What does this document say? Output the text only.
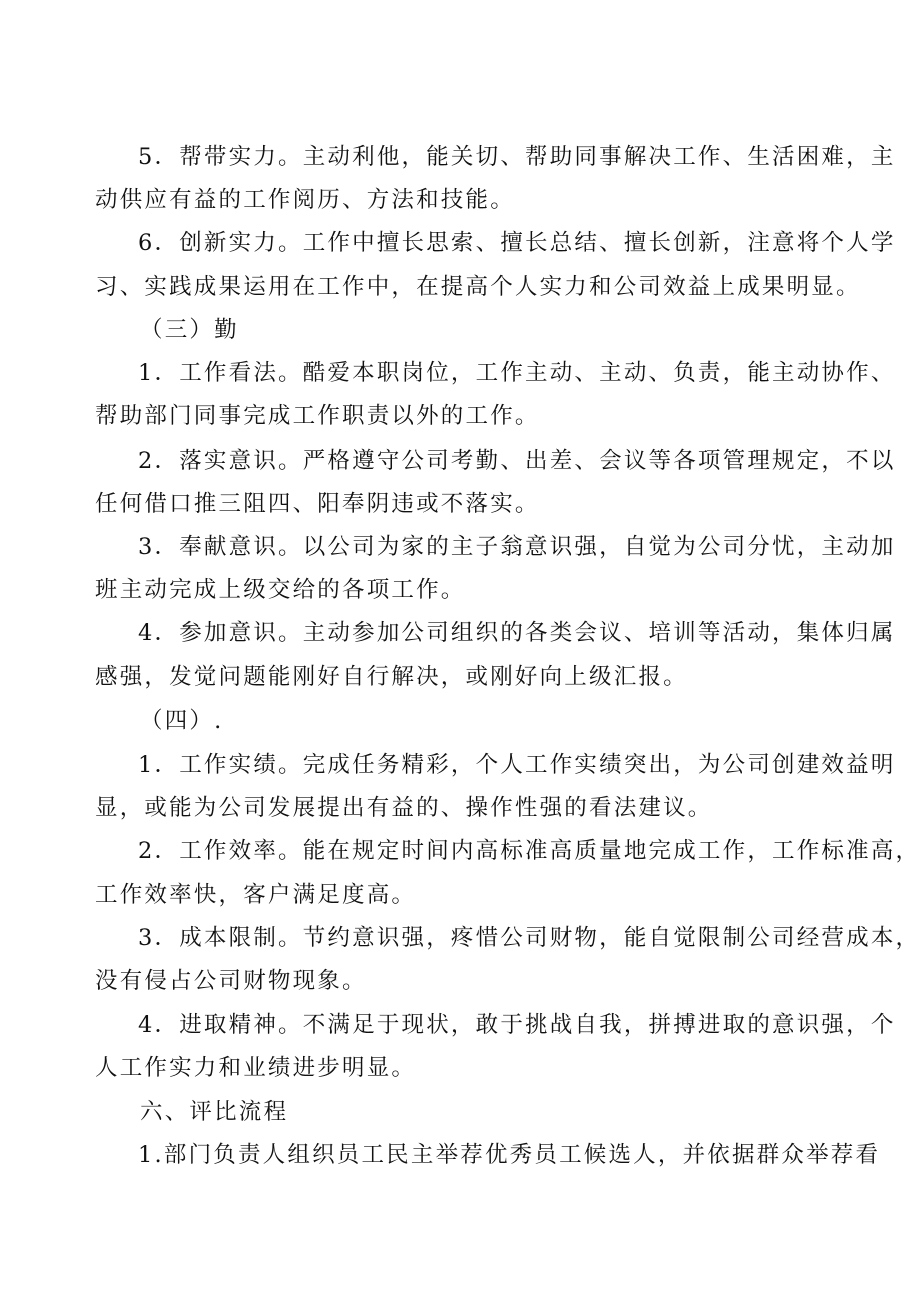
5．帮带实力。主动利他，能关切、帮助同事解决工作、生活困难，主
动供应有益的工作阅历、方法和技能。
6．创新实力。工作中擅长思索、擅长总结、擅长创新，注意将个人学
习、实践成果运用在工作中，在提高个人实力和公司效益上成果明显。
（三）勤
1．工作看法。酷爱本职岗位，工作主动、主动、负责，能主动协作、
帮助部门同事完成工作职责以外的工作。
2．落实意识。严格遵守公司考勤、出差、会议等各项管理规定，不以
任何借口推三阻四、阳奉阴违或不落实。
3．奉献意识。以公司为家的主子翁意识强，自觉为公司分忧，主动加
班主动完成上级交给的各项工作。
4．参加意识。主动参加公司组织的各类会议、培训等活动，集体归属
感强，发觉问题能刚好自行解决，或刚好向上级汇报。
（四）.
1．工作实绩。完成任务精彩，个人工作实绩突出，为公司创建效益明
显，或能为公司发展提出有益的、操作性强的看法建议。
2．工作效率。能在规定时间内高标准高质量地完成工作，工作标准高，
工作效率快，客户满足度高。
3．成本限制。节约意识强，疼惜公司财物，能自觉限制公司经营成本，
没有侵占公司财物现象。
4．进取精神。不满足于现状，敢于挑战自我，拼搏进取的意识强，个
人工作实力和业绩进步明显。
六、评比流程
1.部门负责人组织员工民主举荐优秀员工候选人，并依据群众举荐看
